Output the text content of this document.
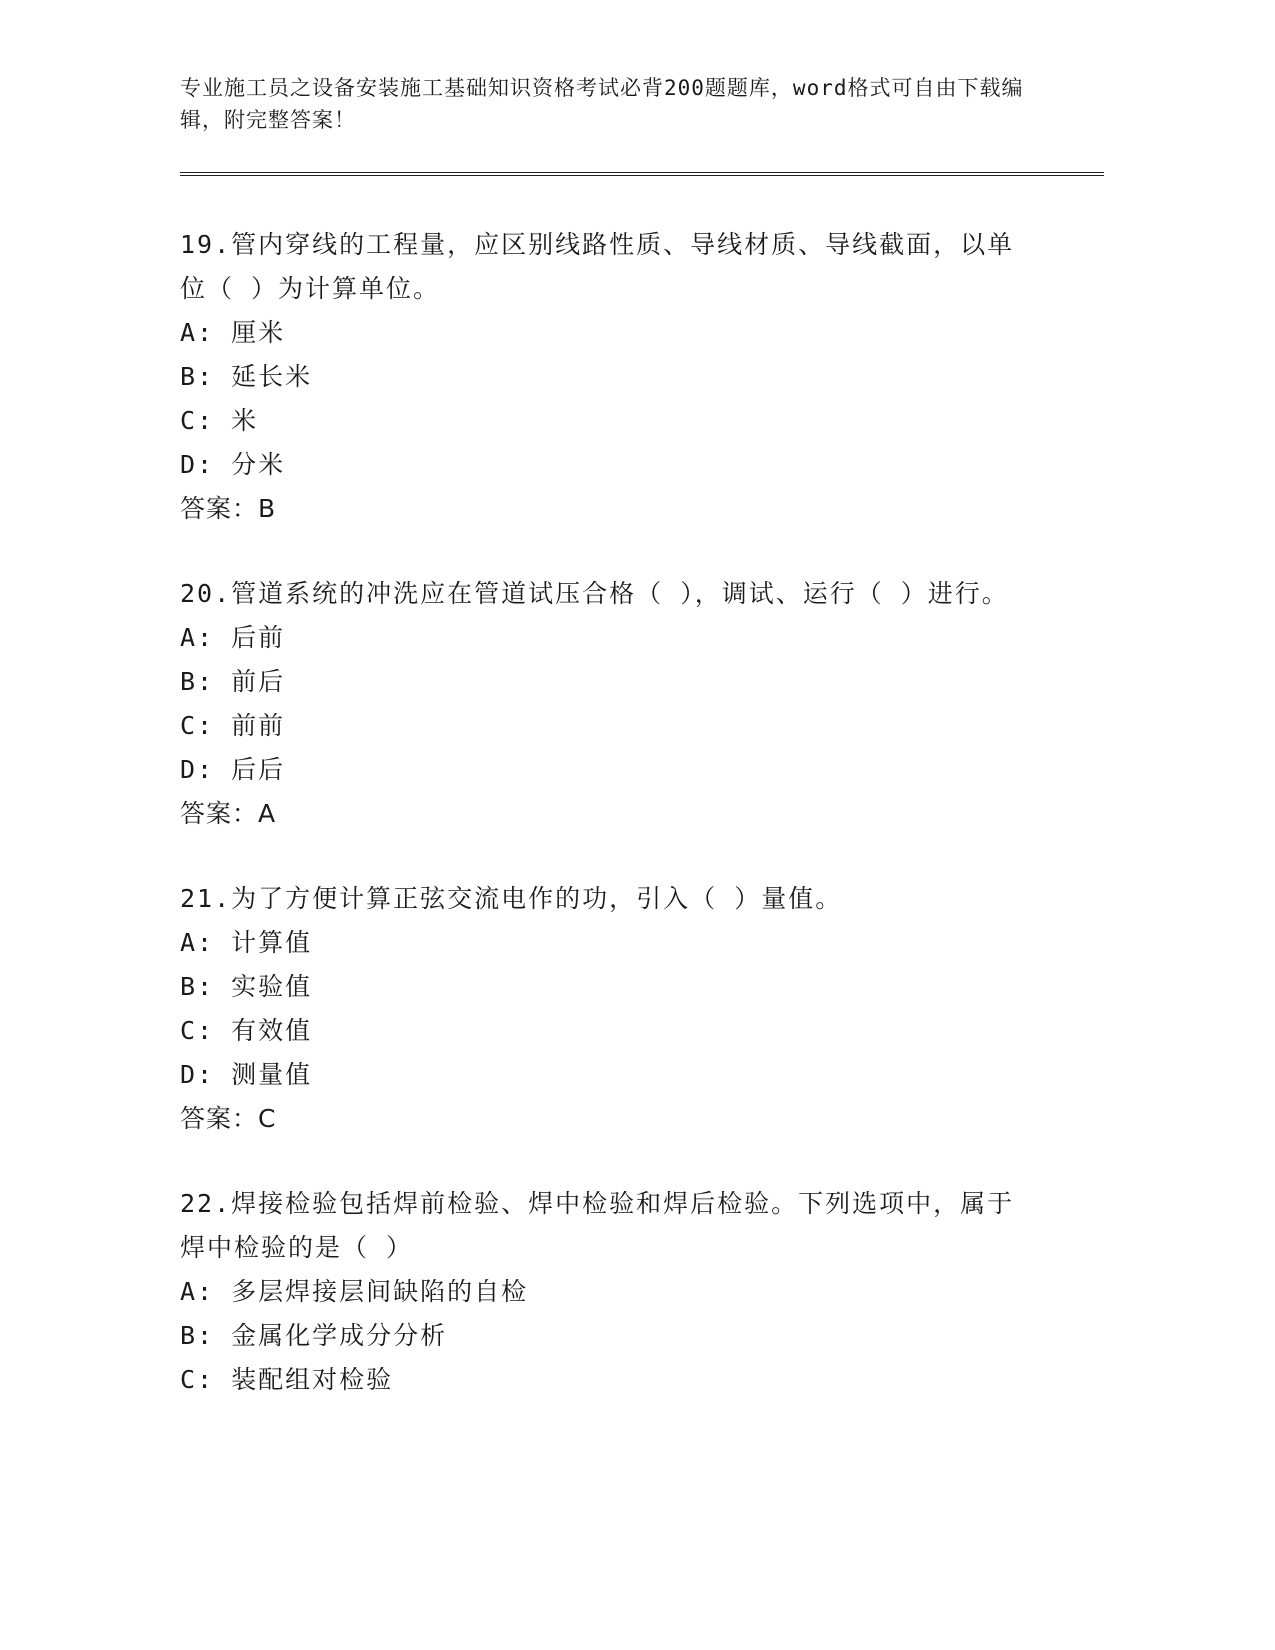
专业施工员之设备安装施工基础知识资格考试必背200题题库，word格式可自由下载编辑，附完整答案！
19.管内穿线的工程量，应区别线路性质、导线材质、导线截面，以单位（ ）为计算单位。
A: 厘米
B: 延长米
C: 米
D: 分米
答案：B
20.管道系统的冲洗应在管道试压合格（ ），调试、运行（ ）进行。
A: 后前
B: 前后
C: 前前
D: 后后
答案：A
21.为了方便计算正弦交流电作的功，引入（ ）量值。
A: 计算值
B: 实验值
C: 有效值
D: 测量值
答案：C
22.焊接检验包括焊前检验、焊中检验和焊后检验。下列选项中，属于焊中检验的是（ ）
A: 多层焊接层间缺陷的自检
B: 金属化学成分分析
C: 装配组对检验
